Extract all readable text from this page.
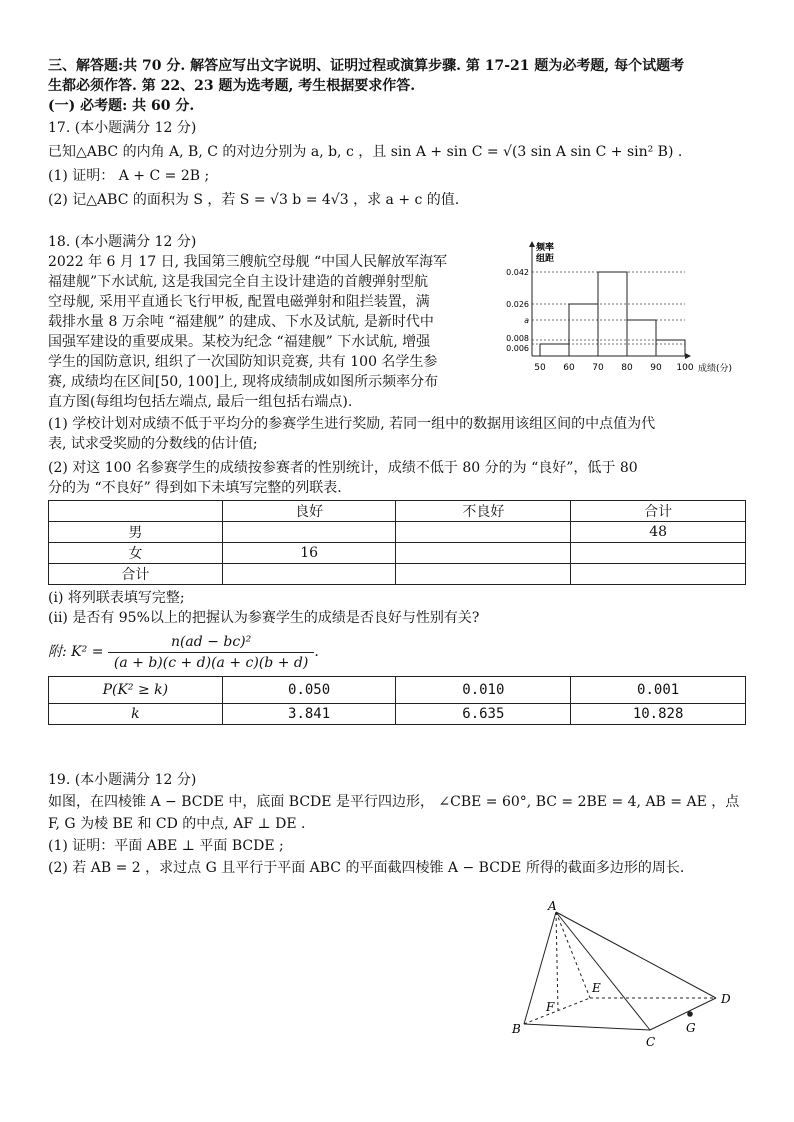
三、解答题:共 70 分. 解答应写出文字说明、证明过程或演算步骤. 第 17-21 题为必考题, 每个试题考
生都必须作答. 第 22、23 题为选考题, 考生根据要求作答.
(一) 必考题: 共 60 分.
17. (本小题满分 12 分)
已知△ABC 的内角 A, B, C 的对边分别为 a, b, c ，且 sin A + sin C = √(3 sin A sin C + sin² B) .
(1) 证明： A + C = 2B ;
(2) 记△ABC 的面积为 S ，若 S = √3 b = 4√3 ，求 a + c 的值.
18. (本小题满分 12 分)
2022 年 6 月 17 日, 我国第三艘航空母舰 “中国人民解放军海军
福建舰”下水试航, 这是我国完全自主设计建造的首艘弹射型航
空母舰, 采用平直通长飞行甲板, 配置电磁弹射和阻拦装置，满
载排水量 8 万余吨 “福建舰” 的建成、下水及试航, 是新时代中
国强军建设的重要成果。某校为纪念 “福建舰” 下水试航, 增强
学生的国防意识, 组织了一次国防知识竞赛, 共有 100 名学生参
赛, 成绩均在区间[50, 100]上, 现将成绩制成如图所示频率分布
直方图(每组均包括左端点, 最后一组包括右端点).
频率
组距
0.042
0.026
a
0.008
0.006
50 60 70 80 90 100 成绩(分)
(1) 学校计划对成绩不低于平均分的参赛学生进行奖励, 若同一组中的数据用该组区间的中点值为代
表, 试求受奖励的分数线的估计值;
(2) 对这 100 名参赛学生的成绩按参赛者的性别统计，成绩不低于 80 分的为 “良好”，低于 80
分的为 “不良好” 得到如下未填写完整的列联表.
	良好	不良好	合计
男			48
女	16		
合计			
(i) 将列联表填写完整;
(ii) 是否有 95%以上的把握认为参赛学生的成绩是否良好与性别有关?
附: $K^2 = \frac{\text{n(ad − bc)²}}{(a + b)(c + d)(a + c)(b + d)}$ .
P(K² ≥ k)	0.050	0.010	0.001
k	3.841	6.635	10.828
19. (本小题满分 12 分)
如图，在四棱锥 A − BCDE 中，底面 BCDE 是平行四边形， ∠CBE = 60°, BC = 2BE = 4, AB = AE ，点
F, G 为棱 BE 和 CD 的中点, AF ⊥ DE .
(1) 证明：平面 ABE ⊥ 平面 BCDE ;
(2) 若 AB = 2 ，求过点 G 且平行于平面 ABC 的平面截四棱锥 A − BCDE 所得的截面多边形的周长.
A
B
C
D
E
F
G
